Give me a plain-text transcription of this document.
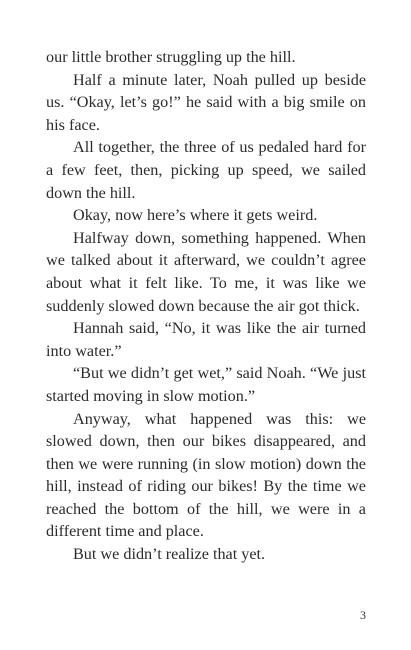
our little brother struggling up the hill.

Half a minute later, Noah pulled up beside us. “Okay, let’s go!” he said with a big smile on his face.

All together, the three of us pedaled hard for a few feet, then, picking up speed, we sailed down the hill.

Okay, now here’s where it gets weird.

Halfway down, something happened. When we talked about it afterward, we couldn’t agree about what it felt like. To me, it was like we suddenly slowed down because the air got thick.

Hannah said, “No, it was like the air turned into water.”

“But we didn’t get wet,” said Noah. “We just started moving in slow motion.”

Anyway, what happened was this: we slowed down, then our bikes disappeared, and then we were running (in slow motion) down the hill, instead of riding our bikes! By the time we reached the bottom of the hill, we were in a different time and place.

But we didn’t realize that yet.

3
